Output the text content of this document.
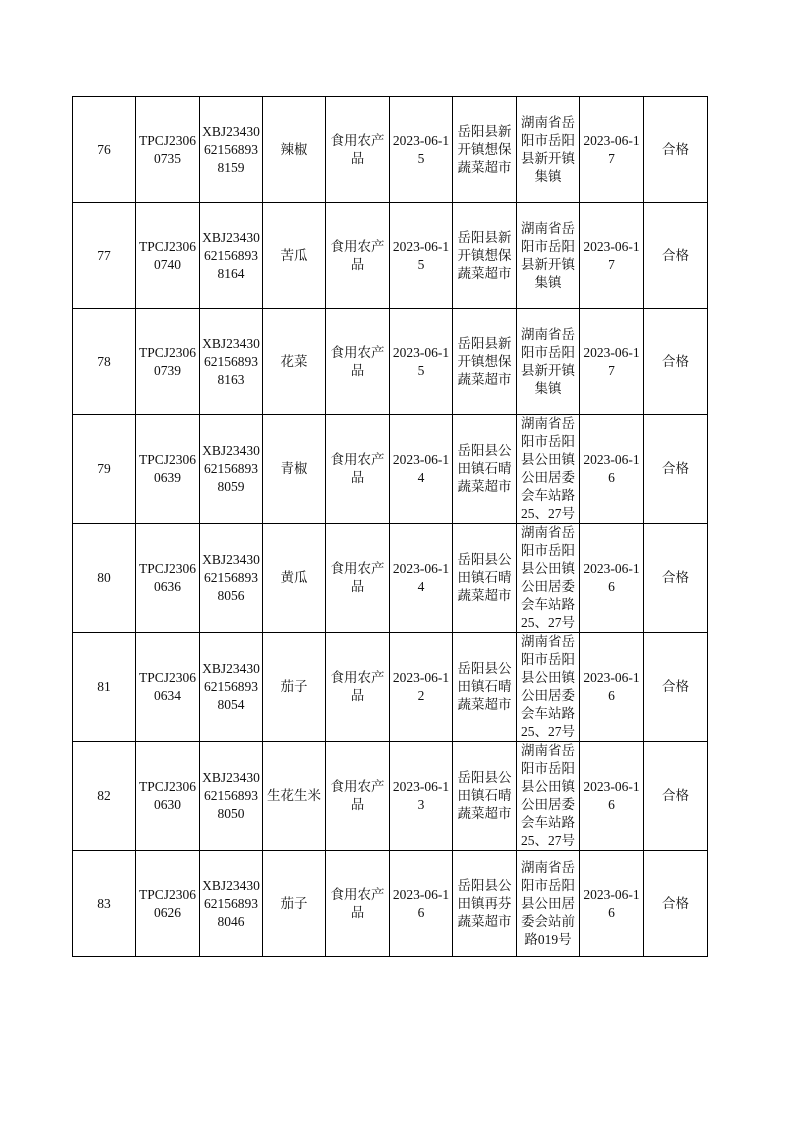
76	TPCJ23060735	XBJ23430621568938159	辣椒	食用农产品	2023-06-15	岳阳县新开镇想保蔬菜超市	湖南省岳阳市岳阳县新开镇集镇	2023-06-17	合格

77	TPCJ23060740	XBJ23430621568938164	苦瓜	食用农产品	2023-06-15	岳阳县新开镇想保蔬菜超市	湖南省岳阳市岳阳县新开镇集镇	2023-06-17	合格

78	TPCJ23060739	XBJ23430621568938163	花菜	食用农产品	2023-06-15	岳阳县新开镇想保蔬菜超市	湖南省岳阳市岳阳县新开镇集镇	2023-06-17	合格

79	TPCJ23060639	XBJ23430621568938059	青椒	食用农产品	2023-06-14	岳阳县公田镇石晴蔬菜超市	湖南省岳阳市岳阳县公田镇公田居委会车站路25、27号	2023-06-16	合格

80	TPCJ23060636	XBJ23430621568938056	黄瓜	食用农产品	2023-06-14	岳阳县公田镇石晴蔬菜超市	湖南省岳阳市岳阳县公田镇公田居委会车站路25、27号	2023-06-16	合格

81	TPCJ23060634	XBJ23430621568938054	茄子	食用农产品	2023-06-12	岳阳县公田镇石晴蔬菜超市	湖南省岳阳市岳阳县公田镇公田居委会车站路25、27号	2023-06-16	合格

82	TPCJ23060630	XBJ23430621568938050	生花生米	食用农产品	2023-06-13	岳阳县公田镇石晴蔬菜超市	湖南省岳阳市岳阳县公田镇公田居委会车站路25、27号	2023-06-16	合格

83	TPCJ23060626	XBJ23430621568938046	茄子	食用农产品	2023-06-16	岳阳县公田镇再芬蔬菜超市	湖南省岳阳市岳阳县公田居委会站前路019号	2023-06-16	合格
